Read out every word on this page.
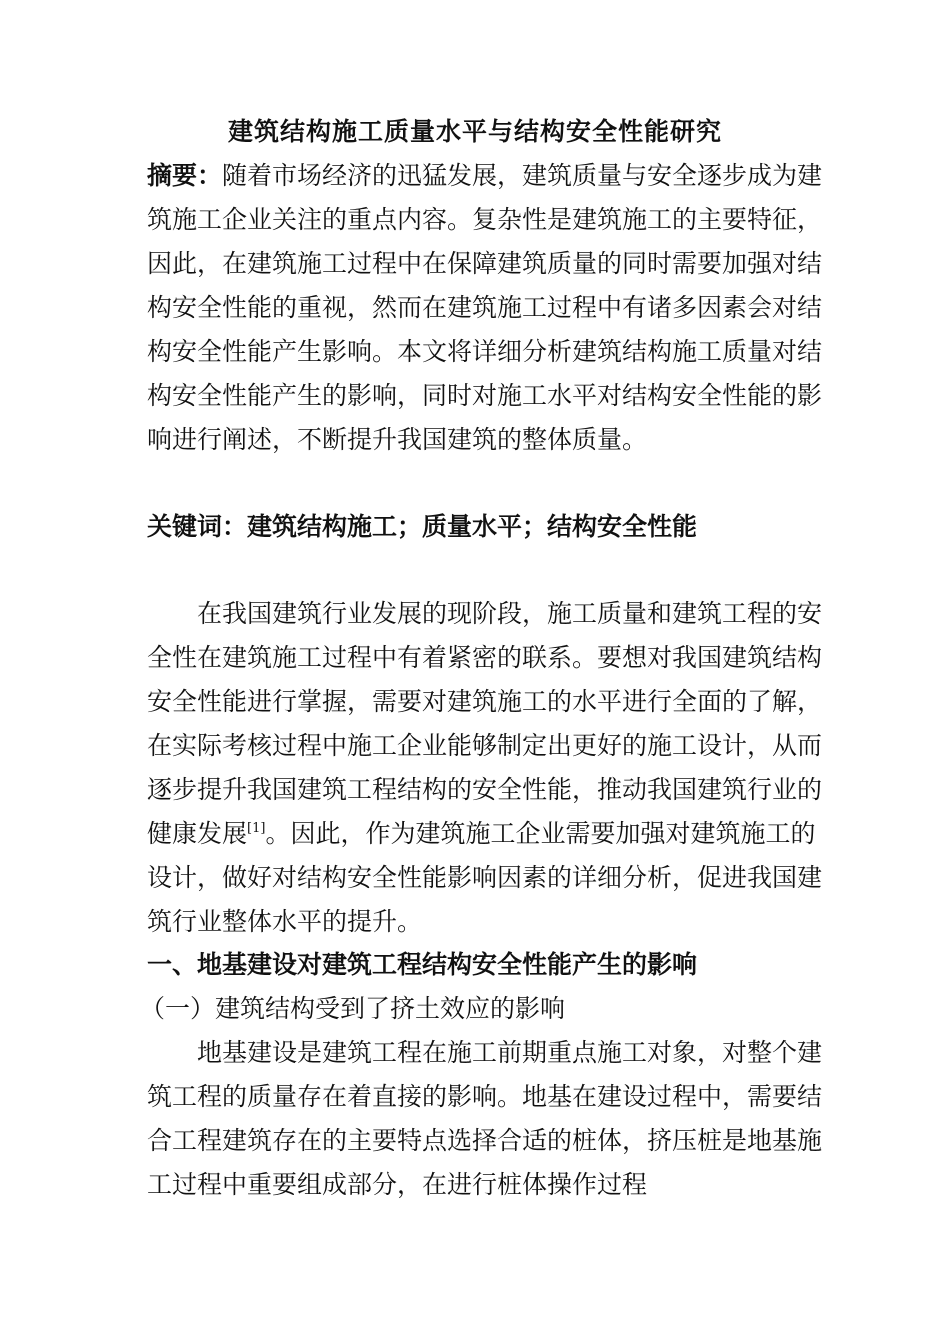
建筑结构施工质量水平与结构安全性能研究

摘要：随着市场经济的迅猛发展，建筑质量与安全逐步成为建筑施工企业关注的重点内容。复杂性是建筑施工的主要特征，因此，在建筑施工过程中在保障建筑质量的同时需要加强对结构安全性能的重视，然而在建筑施工过程中有诸多因素会对结构安全性能产生影响。本文将详细分析建筑结构施工质量对结构安全性能产生的影响，同时对施工水平对结构安全性能的影响进行阐述，不断提升我国建筑的整体质量。

关键词：建筑结构施工；质量水平；结构安全性能

在我国建筑行业发展的现阶段，施工质量和建筑工程的安全性在建筑施工过程中有着紧密的联系。要想对我国建筑结构安全性能进行掌握，需要对建筑施工的水平进行全面的了解，在实际考核过程中施工企业能够制定出更好的施工设计，从而逐步提升我国建筑工程结构的安全性能，推动我国建筑行业的健康发展[1]。因此，作为建筑施工企业需要加强对建筑施工的设计，做好对结构安全性能影响因素的详细分析，促进我国建筑行业整体水平的提升。

一、地基建设对建筑工程结构安全性能产生的影响

（一）建筑结构受到了挤土效应的影响

地基建设是建筑工程在施工前期重点施工对象，对整个建筑工程的质量存在着直接的影响。地基在建设过程中，需要结合工程建筑存在的主要特点选择合适的桩体，挤压桩是地基施工过程中重要组成部分，在进行桩体操作过程
